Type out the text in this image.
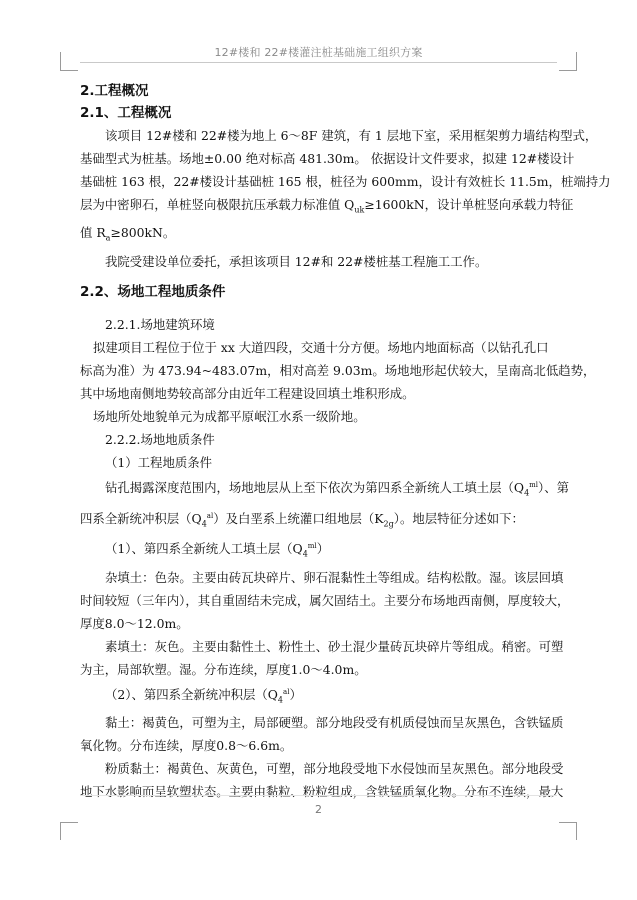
12#楼和 22#楼灌注桩基础施工组织方案

2.工程概况

2.1、工程概况

该项目 12#楼和 22#楼为地上 6～8F 建筑，有 1 层地下室，采用框架剪力墙结构型式，

基础型式为桩基。场地±0.00 绝对标高 481.30m。 依据设计文件要求，拟建 12#楼设计

基础桩 163 根，22#楼设计基础桩 165 根，桩径为 600mm，设计有效桩长 11.5m，桩端持力

层为中密卵石，单桩竖向极限抗压承载力标准值 $Q_{uk}\ge 1600kN$，设计单桩竖向承载力特征

值 $R_a\ge 800kN$。

我院受建设单位委托，承担该项目 12#和 22#楼桩基工程施工工作。

2.2、场地工程地质条件

2.2.1.场地建筑环境

拟建项目工程位于位于 xx 大道四段，交通十分方便。场地内地面标高（以钻孔孔口

标高为准）为 473.94~483.07m，相对高差 9.03m。场地地形起伏较大，呈南高北低趋势，

其中场地南侧地势较高部分由近年工程建设回填土堆积形成。

场地所处地貌单元为成都平原岷江水系一级阶地。

2.2.2.场地地质条件

（1）工程地质条件

钻孔揭露深度范围内，场地地层从上至下依次为第四系全新统人工填土层$(Q_4^{ml})$、第

四系全新统冲积层$(Q_4^{al})$及白垩系上统灌口组地层$(K_{2g})$。地层特征分述如下：

（1）、第四系全新统人工填土层$(Q_4^{ml})$

杂填土：色杂。主要由砖瓦块碎片、卵石混黏性土等组成。结构松散。湿。该层回填

时间较短（三年内），其自重固结未完成，属欠固结土。主要分布场地西南侧，厚度较大，

厚度8.0～12.0m。

素填土：灰色。主要由黏性土、粉性土、砂土混少量砖瓦块碎片等组成。稍密。可塑

为主，局部软塑。湿。分布连续，厚度1.0～4.0m。

（2）、第四系全新统冲积层$(Q_4^{al})$

黏土：褐黄色，可塑为主，局部硬塑。部分地段受有机质侵蚀而呈灰黑色，含铁锰质

氧化物。分布连续，厚度0.8～6.6m。

粉质黏土：褐黄色、灰黄色，可塑，部分地段受地下水侵蚀而呈灰黑色。部分地段受

地下水影响而呈软塑状态。主要由黏粒、粉粒组成，含铁锰质氧化物。分布不连续，最大

2
